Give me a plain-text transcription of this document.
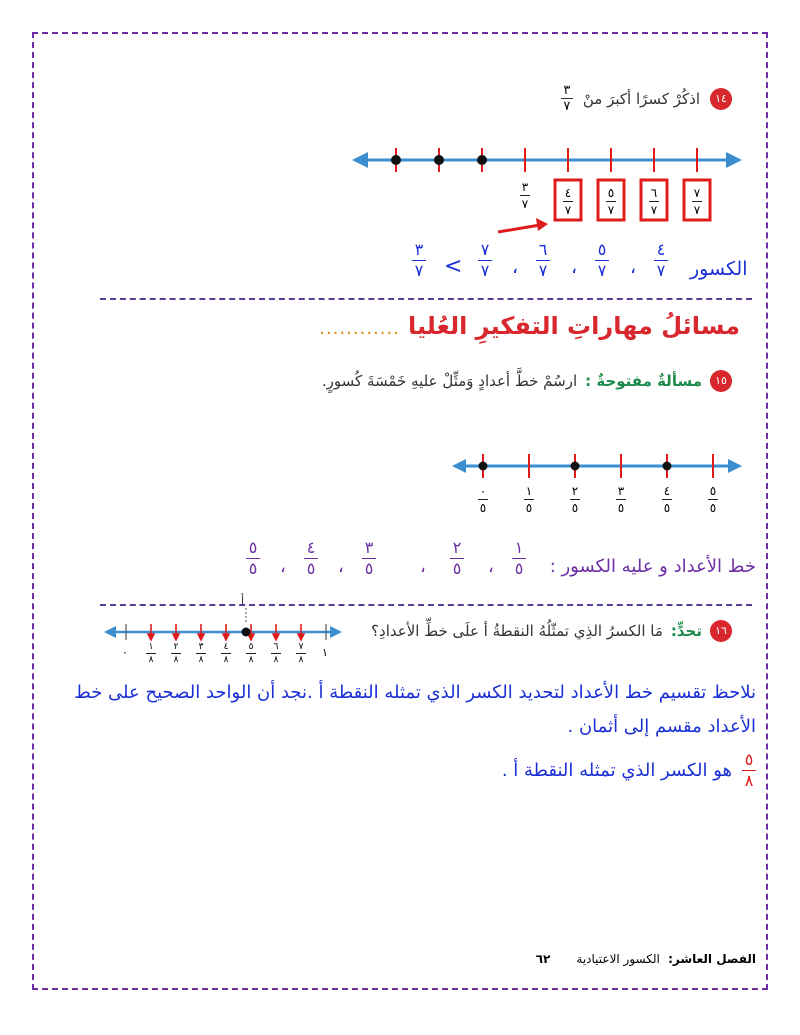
١٤
اذكُرْ كسرًا أكبرَ منْ
٣
٧
٣
٧
٤
٧
٥
٧
٦
٧
٧
٧
الكسور
٤
٧
،
٥
٧
،
٦
٧
،
٧
٧
<
٣
٧
مسائلُ مهاراتِ التفكيرِ العُليا
............
١٥
مسألةٌ مفتوحةٌ :
ارسُمْ خطَّ أعدادٍ وَمثِّلْ عليهِ خَمْسَةَ كُسورٍ.
٠
٥
١
٥
٢
٥
٣
٥
٤
٥
٥
٥
خط الأعداد و عليه الكسور :
١
٥
،
٢
٥
،
٣
٥
،
٤
٥
،
٥
٥
١٦
تحدٍّ:
مَا الكسرُ الذِي تمثّلُهُ النقطةُ أ علَى خطِّ الأعدادِ؟
أ
٠	١
١
٨
٢
٨
٣
٨
٤
٨
٥
٨
٦
٨
٧
٨
نلاحظ تقسيم خط الأعداد لتحديد الكسر الذي تمثله النقطة أ .نجد أن الواحد الصحيح على خط الأعداد مقسم إلى أثمان .
٥
٨
هو الكسر الذي تمثله النقطة أ .
الفصل العاشر: الكسور الاعتيادية
٦٢
